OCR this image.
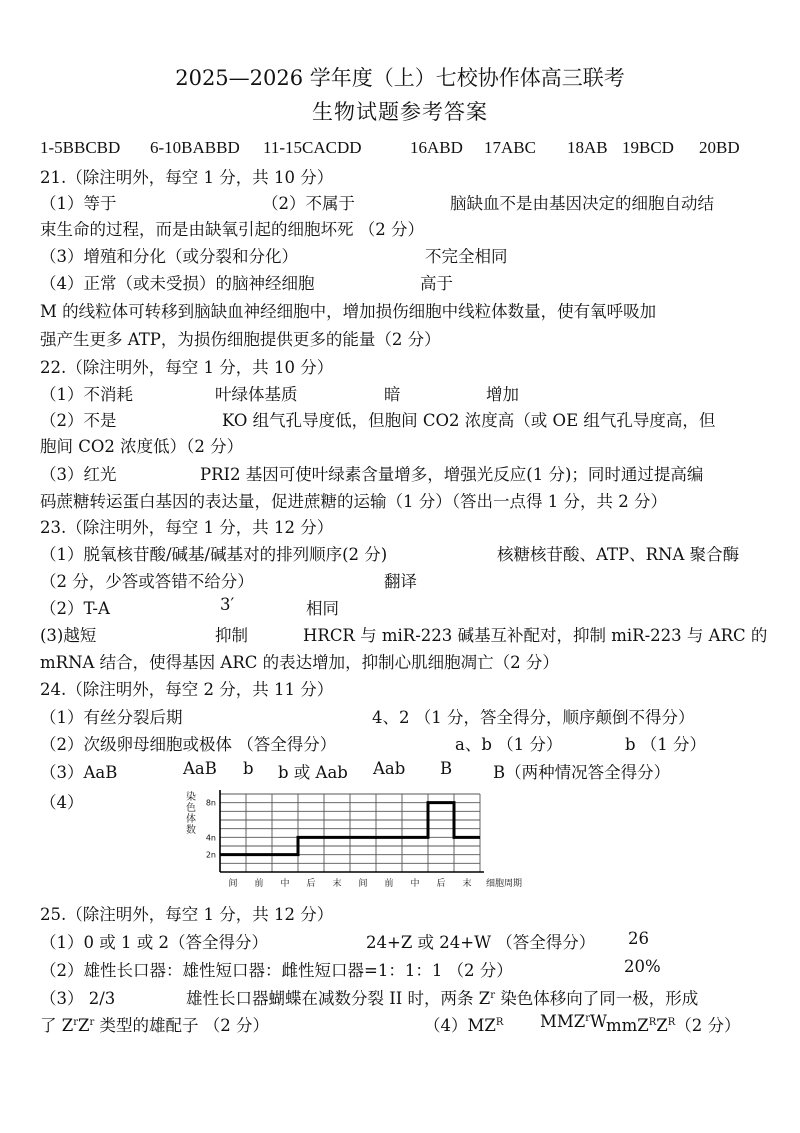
2025—2026 学年度（上）七校协作体高三联考
生物试题参考答案
1-5BBCBD 6-10BABBD 11-15CACDD	16ABD 17ABC 18AB 19BCD 20BD
21.（除注明外，每空 1 分，共 10 分）
（1）等于	（2）不属于	脑缺血不是由基因决定的细胞自动结
束生命的过程，而是由缺氧引起的细胞坏死 （2 分）
（3）增殖和分化（或分裂和分化）	不完全相同
（4）正常（或未受损）的脑神经细胞	高于
M 的线粒体可转移到脑缺血神经细胞中，增加损伤细胞中线粒体数量，使有氧呼吸加
强产生更多 ATP，为损伤细胞提供更多的能量（2 分）
22.（除注明外，每空 1 分，共 10 分）
（1）不消耗	叶绿体基质	暗	增加
（2）不是	KO 组气孔导度低，但胞间 CO2 浓度高（或 OE 组气孔导度高，但
胞间 CO2 浓度低）（2 分）
（3）红光	PRI2 基因可使叶绿素含量增多，增强光反应(1 分)；同时通过提高编
码蔗糖转运蛋白基因的表达量，促进蔗糖的运输（1 分）（答出一点得 1 分，共 2 分）
23.（除注明外，每空 1 分，共 12 分）
（1）脱氧核苷酸/碱基/碱基对的排列顺序(2 分)	核糖核苷酸、ATP、RNA 聚合酶
（2 分，少答或答错不给分）	翻译
（2）T-A	3′	相同
(3)越短	抑制	HRCR 与 miR-223 碱基互补配对，抑制 miR-223 与 ARC 的
mRNA 结合，使得基因 ARC 的表达增加，抑制心肌细胞凋亡（2 分）
24.（除注明外，每空 2 分，共 11 分）
（1）有丝分裂后期	4、2 （1 分，答全得分，顺序颠倒不得分）
（2）次级卵母细胞或极体 （答全得分）	a、b （1 分）	b （1 分）
（3）AaB	AaB b b 或 Aab Aab B B（两种情况答全得分）
（4）	染
色
体
数
2n
4n
8n
间 前 中 后 末 间 前 中 后 末 细胞周期
25.（除注明外，每空 1 分，共 12 分）
（1）0 或 1 或 2（答全得分）	24+Z 或 24+W （答全得分） 26
（2）雄性长口器：雄性短口器：雌性短口器=1：1：1 （2 分）	20%
（3） 2/3	雄性长口器蝴蝶在减数分裂 II 时，两条 $Z^r$ 染色体移向了同一极，形成
了 $Z^rZ^r$ 类型的雄配子 （2 分）	$(4)MZ^R$ MMZ$^r$W
$mmZ^RZ^R(2$ 分）
